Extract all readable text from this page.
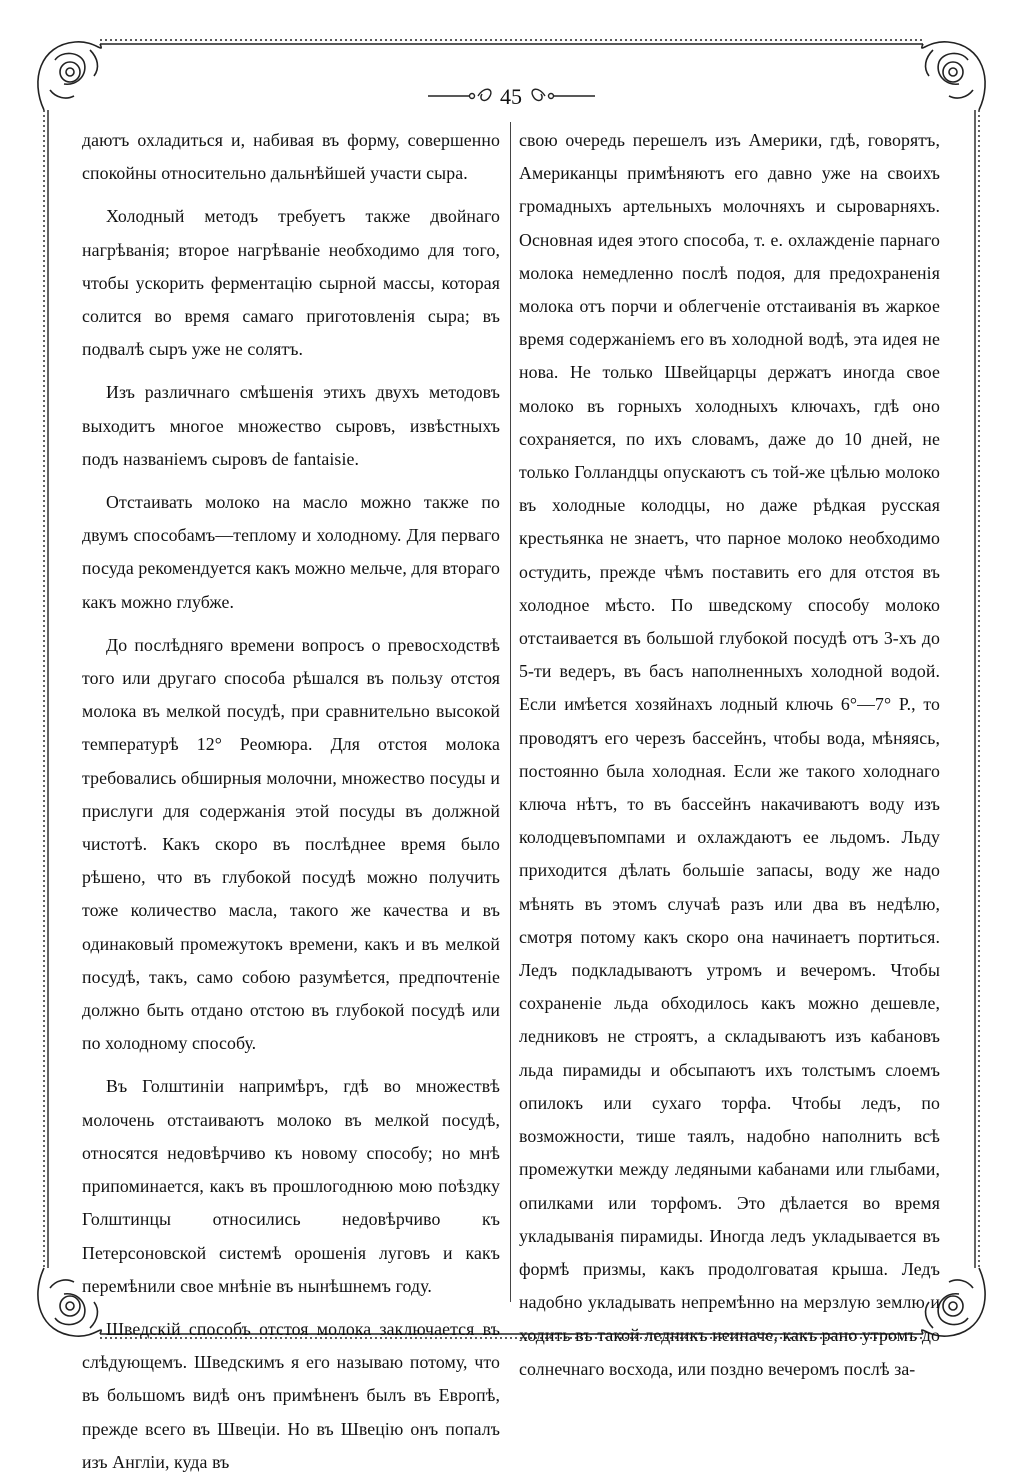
45

даютъ охладиться и, набивая въ форму, совершенно спокойны относительно дальнѣйшей участи сыра.

Холодный методъ требуетъ также двойнаго нагрѣванія; второе нагрѣваніе необходимо для того, чтобы ускорить ферментацію сырной массы, которая солится во время самаго приготовленія сыра; въ подвалѣ сыръ уже не солятъ.

Изъ различнаго смѣшенія этихъ двухъ методовъ выходитъ многое множество сыровъ, извѣстныхъ подъ названіемъ сыровъ de fantaisie.

Отстаивать молоко на масло можно также по двумъ способамъ—теплому и холодному. Для перваго посуда рекомендуется какъ можно мельче, для втораго какъ можно глубже.

До послѣдняго времени вопросъ о превосходствѣ того или другаго способа рѣшался въ пользу отстоя молока въ мелкой посудѣ, при сравнительно высокой температурѣ 12° Реомюра. Для отстоя молока требовались обширныя молочни, множество посуды и прислуги для содержанія этой посуды въ должной чистотѣ. Какъ скоро въ послѣднее время было рѣшено, что въ глубокой посудѣ можно получить тоже количество масла, такого же качества и въ одинаковый промежутокъ времени, какъ и въ мелкой посудѣ, такъ, само собою разумѣется, предпочтеніе должно быть отдано отстою въ глубокой посудѣ или по холодному способу.

Въ Голштиніи напримѣръ, гдѣ во множествѣ молочень отстаиваютъ молоко въ мелкой посудѣ, относятся недовѣрчиво къ новому способу; но мнѣ припоминается, какъ въ прошлогоднюю мою поѣздку Голштинцы относились недовѣрчиво къ Петерсоновской системѣ орошенія луговъ и какъ перемѣнили свое мнѣніе въ нынѣшнемъ году.

Шведскій способъ отстоя молока заключается въ слѣдующемъ. Шведскимъ я его называю потому, что въ большомъ видѣ онъ примѣненъ былъ въ Европѣ, прежде всего въ Швеціи. Но въ Швецію онъ попалъ изъ Англіи, куда въ

свою очередь перешелъ изъ Америки, гдѣ, говорятъ, Американцы примѣняютъ его давно уже на своихъ громадныхъ артельныхъ молочняхъ и сыроварняхъ. Основная идея этого способа, т. е. охлажденіе парнаго молока немедленно послѣ подоя, для предохраненія молока отъ порчи и облегченіе отстаиванія въ жаркое время содержаніемъ его въ холодной водѣ, эта идея не нова. Не только Швейцарцы держатъ иногда свое молоко въ горныхъ холодныхъ ключахъ, гдѣ оно сохраняется, по ихъ словамъ, даже до 10 дней, не только Голландцы опускаютъ съ той-же цѣлью молоко въ холодные колодцы, но даже рѣдкая русская крестьянка не знаетъ, что парное молоко необходимо остудить, прежде чѣмъ поставить его для отстоя въ холодное мѣсто. По шведскому способу молоко отстаивается въ большой глубокой посудѣ отъ 3-хъ до 5-ти ведеръ, въ басъ наполненныхъ холодной водой. Если имѣется хозяйнахъ лодный ключь 6°—7° Р., то проводятъ его черезъ бассейнъ, чтобы вода, мѣняясь, постоянно была холодная. Если же такого холоднаго ключа нѣтъ, то въ бассейнъ накачиваютъ воду изъ колодцевъпомпами и охлаждаютъ ее льдомъ. Льду приходится дѣлать большіе запасы, воду же надо мѣнять въ этомъ случаѣ разъ или два въ недѣлю, смотря потому какъ скоро она начинаетъ портиться. Ледъ подкладываютъ утромъ и вечеромъ. Чтобы сохраненіе льда обходилось какъ можно дешевле, ледниковъ не строятъ, а складываютъ изъ кабановъ льда пирамиды и обсыпаютъ ихъ толстымъ слоемъ опилокъ или сухаго торфа. Чтобы ледъ, по возможности, тише таялъ, надобно наполнить всѣ промежутки между ледяными кабанами или глыбами, опилками или торфомъ. Это дѣлается во время укладыванія пирамиды. Иногда ледъ укладывается въ формѣ призмы, какъ продолговатая крыша. Ледъ надобно укладывать непремѣнно на мерзлую землю и ходить въ такой ледникъ неиначе, какъ рано утромъ до солнечнаго восхода, или поздно вечеромъ послѣ за-
